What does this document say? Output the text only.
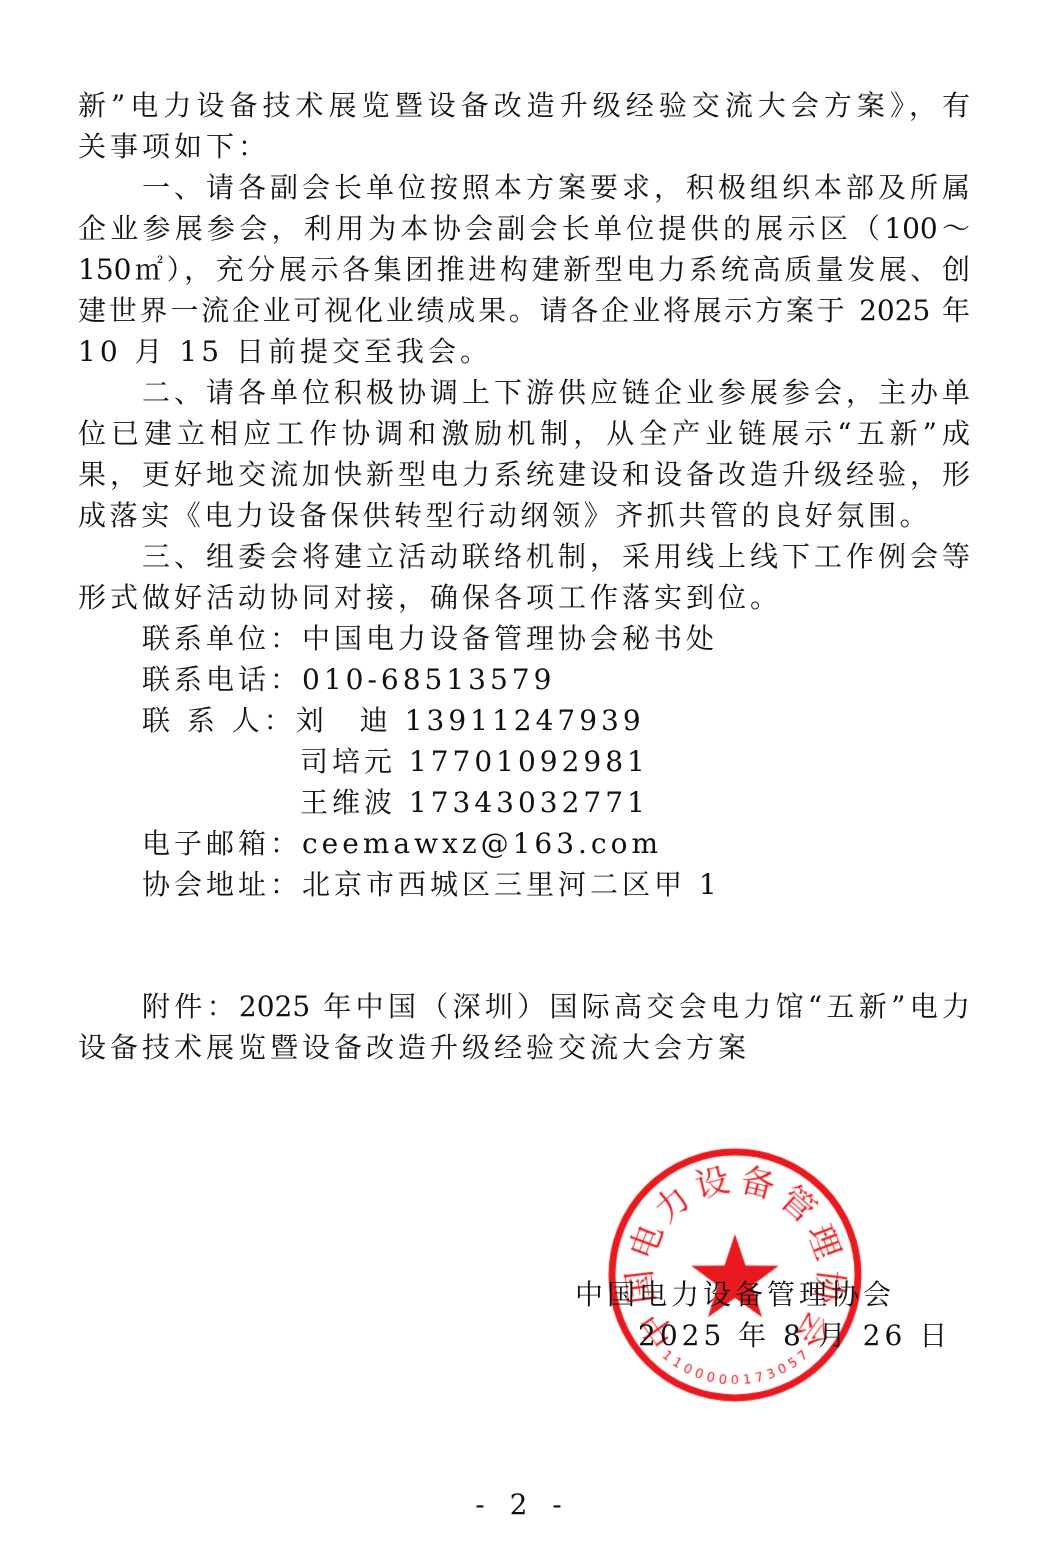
新”电力设备技术展览暨设备改造升级经验交流大会方案》，有
关事项如下：
一、请各副会长单位按照本方案要求，积极组织本部及所属
企业参展参会，利用为本协会副会长单位提供的展示区（100～
150㎡），充分展示各集团推进构建新型电力系统高质量发展、创
建世界一流企业可视化业绩成果。请各企业将展示方案于 2025 年
10 月 15 日前提交至我会。
二、请各单位积极协调上下游供应链企业参展参会，主办单
位已建立相应工作协调和激励机制，从全产业链展示“五新”成
果，更好地交流加快新型电力系统建设和设备改造升级经验，形
成落实《电力设备保供转型行动纲领》齐抓共管的良好氛围。
三、组委会将建立活动联络机制，采用线上线下工作例会等
形式做好活动协同对接，确保各项工作落实到位。
联系单位：中国电力设备管理协会秘书处
联系电话：010-68513579
联 系 人：刘　迪 13911247939
司培元 17701092981
王维波 17343032771
电子邮箱：ceemawxz@163.com
协会地址：北京市西城区三里河二区甲 1
附件：2025 年中国（深圳）国际高交会电力馆“五新”电力
设备技术展览暨设备改造升级经验交流大会方案
中国电力设备管理协会
2025 年 8 月 26 日
- 2 -
